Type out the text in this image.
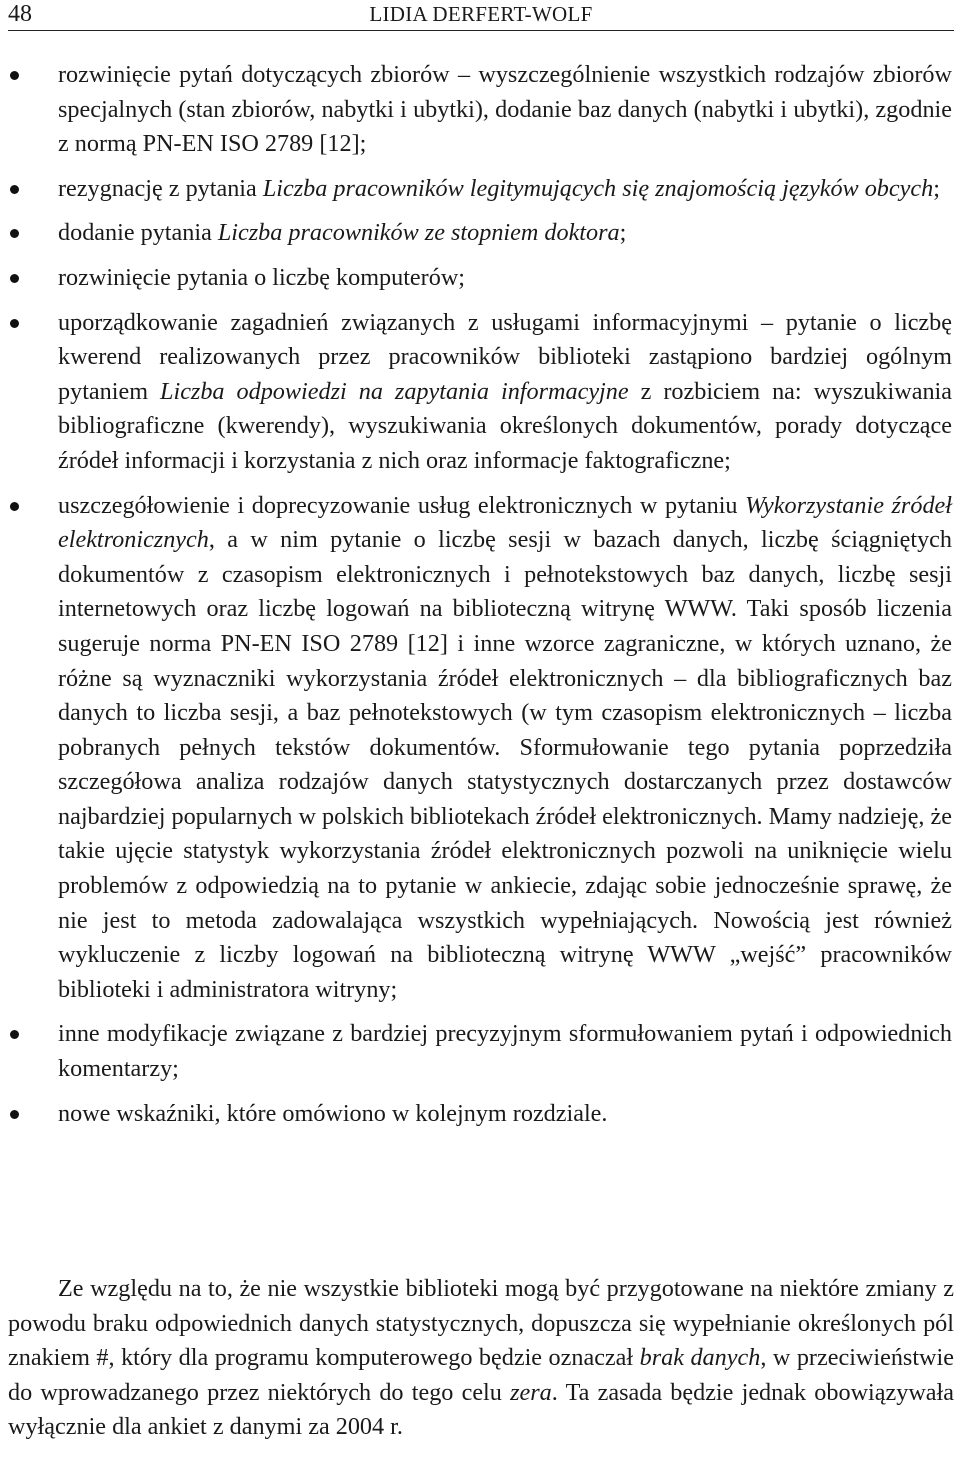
48	LIDIA DERFERT-WOLF
rozwinięcie pytań dotyczących zbiorów – wyszczególnienie wszystkich rodzajów zbiorów specjalnych (stan zbiorów, nabytki i ubytki), dodanie baz danych (nabytki i ubytki), zgodnie z normą PN-EN ISO 2789 [12];
rezygnację z pytania Liczba pracowników legitymujących się znajomością języków obcych;
dodanie pytania Liczba pracowników ze stopniem doktora;
rozwinięcie pytania o liczbę komputerów;
uporządkowanie zagadnień związanych z usługami informacyjnymi – pytanie o liczbę kwerend realizowanych przez pracowników biblioteki zastąpiono bardziej ogólnym pytaniem Liczba odpowiedzi na zapytania informacyjne z rozbiciem na: wyszukiwania bibliograficzne (kwerendy), wyszukiwania określonych dokumentów, porady dotyczące źródeł informacji i korzystania z nich oraz informacje faktograficzne;
uszczegółowienie i doprecyzowanie usług elektronicznych w pytaniu Wykorzystanie źródeł elektronicznych, a w nim pytanie o liczbę sesji w bazach danych, liczbę ściągniętych dokumentów z czasopism elektronicznych i pełnotekstowych baz danych, liczbę sesji internetowych oraz liczbę logowań na biblioteczną witrynę WWW. Taki sposób liczenia sugeruje norma PN-EN ISO 2789 [12] i inne wzorce zagraniczne, w których uznano, że różne są wyznaczniki wykorzystania źródeł elektronicznych – dla bibliograficznych baz danych to liczba sesji, a baz pełnotekstowych (w tym czasopism elektronicznych – liczba pobranych pełnych tekstów dokumentów. Sformułowanie tego pytania poprzedziła szczegółowa analiza rodzajów danych statystycznych dostarczanych przez dostawców najbardziej popularnych w polskich bibliotekach źródeł elektronicznych. Mamy nadzieję, że takie ujęcie statystyk wykorzystania źródeł elektronicznych pozwoli na uniknięcie wielu problemów z odpowiedzią na to pytanie w ankiecie, zdając sobie jednocześnie sprawę, że nie jest to metoda zadowalająca wszystkich wypełniających. Nowością jest również wykluczenie z liczby logowań na biblioteczną witrynę WWW „wejść” pracowników biblioteki i administratora witryny;
inne modyfikacje związane z bardziej precyzyjnym sformułowaniem pytań i odpowiednich komentarzy;
nowe wskaźniki, które omówiono w kolejnym rozdziale.

Ze względu na to, że nie wszystkie biblioteki mogą być przygotowane na niektóre zmiany z powodu braku odpowiednich danych statystycznych, dopuszcza się wypełnianie określonych pól znakiem #, który dla programu komputerowego będzie oznaczał brak danych, w przeciwieństwie do wprowadzanego przez niektórych do tego celu zera. Ta zasada będzie jednak obowiązywała wyłącznie dla ankiet z danymi za 2004 r.
